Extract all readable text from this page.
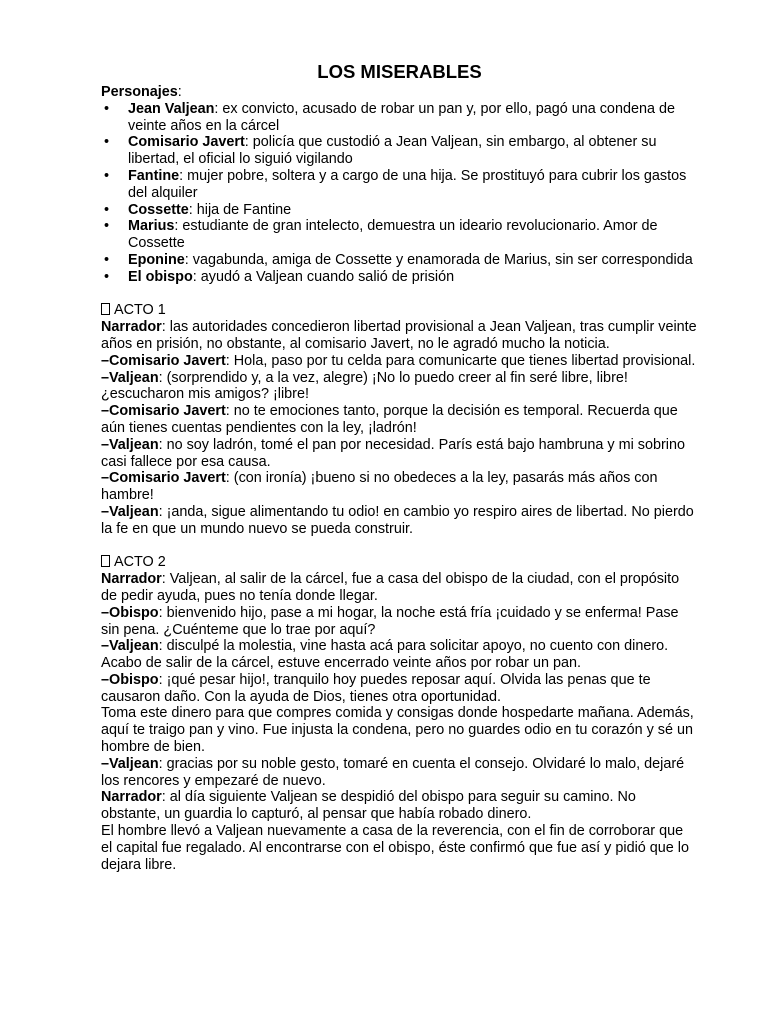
LOS MISERABLES
Personajes:
• Jean Valjean: ex convicto, acusado de robar un pan y, por ello, pagó una condena de veinte años en la cárcel
• Comisario Javert: policía que custodió a Jean Valjean, sin embargo, al obtener su libertad, el oficial lo siguió vigilando
• Fantine: mujer pobre, soltera y a cargo de una hija. Se prostituyó para cubrir los gastos del alquiler
• Cossette: hija de Fantine
• Marius: estudiante de gran intelecto, demuestra un ideario revolucionario. Amor de Cossette
• Eponine: vagabunda, amiga de Cossette y enamorada de Marius, sin ser correspondida
• El obispo: ayudó a Valjean cuando salió de prisión
ACTO 1
Narrador: las autoridades concedieron libertad provisional a Jean Valjean, tras cumplir veinte años en prisión, no obstante, al comisario Javert, no le agradó mucho la noticia.
–Comisario Javert: Hola, paso por tu celda para comunicarte que tienes libertad provisional.
–Valjean: (sorprendido y, a la vez, alegre) ¡No lo puedo creer al fin seré libre, libre! ¿escucharon mis amigos? ¡libre!
–Comisario Javert: no te emociones tanto, porque la decisión es temporal. Recuerda que aún tienes cuentas pendientes con la ley, ¡ladrón!
–Valjean: no soy ladrón, tomé el pan por necesidad. París está bajo hambruna y mi sobrino casi fallece por esa causa.
–Comisario Javert: (con ironía) ¡bueno si no obedeces a la ley, pasarás más años con hambre!
–Valjean: ¡anda, sigue alimentando tu odio! en cambio yo respiro aires de libertad. No pierdo la fe en que un mundo nuevo se pueda construir.
ACTO 2
Narrador: Valjean, al salir de la cárcel, fue a casa del obispo de la ciudad, con el propósito de pedir ayuda, pues no tenía donde llegar.
–Obispo: bienvenido hijo, pase a mi hogar, la noche está fría ¡cuidado y se enferma! Pase sin pena. ¿Cuénteme que lo trae por aquí?
–Valjean: disculpé la molestia, vine hasta acá para solicitar apoyo, no cuento con dinero. Acabo de salir de la cárcel, estuve encerrado veinte años por robar un pan.
–Obispo: ¡qué pesar hijo!, tranquilo hoy puedes reposar aquí. Olvida las penas que te causaron daño. Con la ayuda de Dios, tienes otra oportunidad.
Toma este dinero para que compres comida y consigas donde hospedarte mañana. Además, aquí te traigo pan y vino. Fue injusta la condena, pero no guardes odio en tu corazón y sé un hombre de bien.
–Valjean: gracias por su noble gesto, tomaré en cuenta el consejo. Olvidaré lo malo, dejaré los rencores y empezaré de nuevo.
Narrador: al día siguiente Valjean se despidió del obispo para seguir su camino. No obstante, un guardia lo capturó, al pensar que había robado dinero.
El hombre llevó a Valjean nuevamente a casa de la reverencia, con el fin de corroborar que el capital fue regalado. Al encontrarse con el obispo, éste confirmó que fue así y pidió que lo dejara libre.
